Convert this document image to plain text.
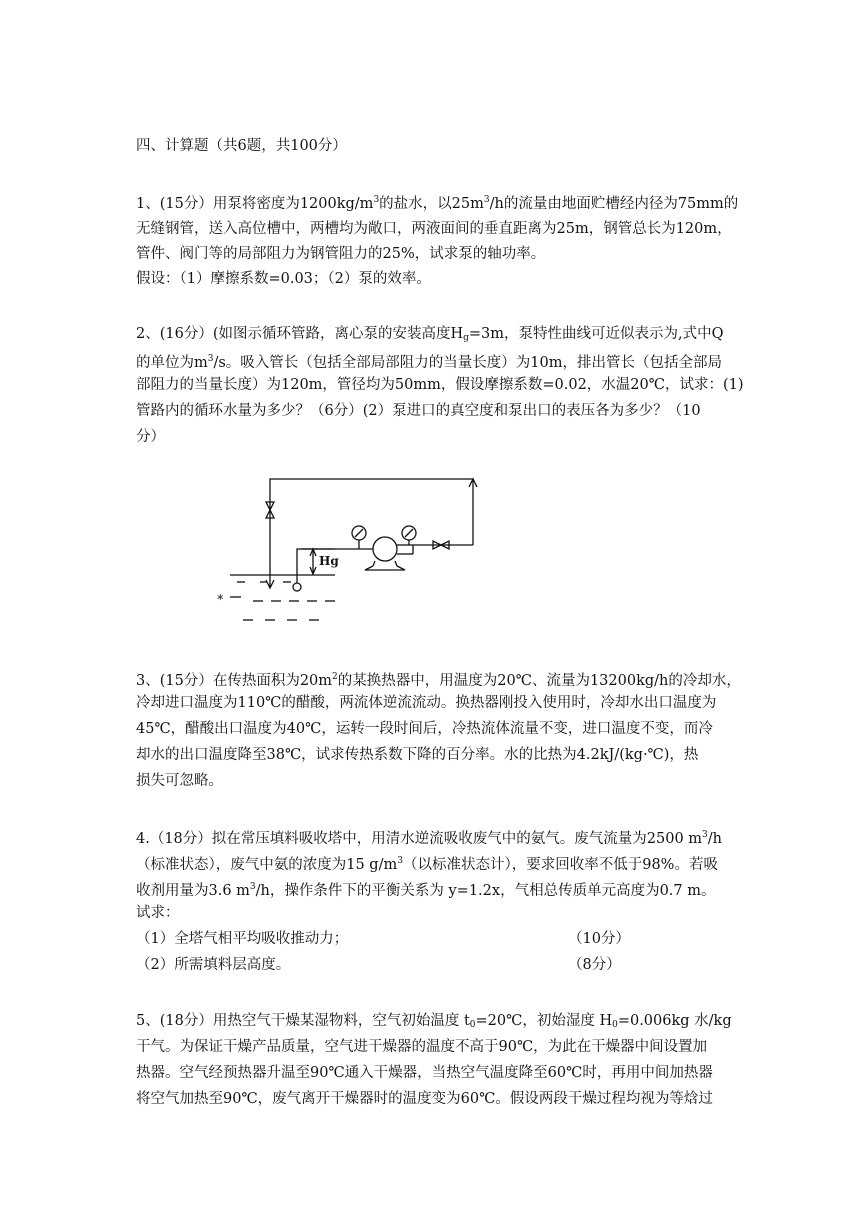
四、计算题（共6题，共100分）
1、(15分）用泵将密度为$1200kg/m^3$的盐水，以$25m^3/h$的流量由地面贮槽经内径为75mm的
无缝钢管，送入高位槽中，两槽均为敞口，两液面间的垂直距离为25m，钢管总长为120m，
管件、阀门等的局部阻力为钢管阻力的25%，试求泵的轴功率。
假设：（1）摩擦系数=0.03；（2）泵的效率。
2、(16分）(如图示循环管路，离心泵的安装高度$H_g=3m$，泵特性曲线可近似表示为,式中Q
的单位为$m^3/s$。吸入管长（包括全部局部阻力的当量长度）为10m，排出管长（包括全部局
部阻力的当量长度）为120m，管径均为50mm，假设摩擦系数=0.02，水温20℃，试求：(1)
管路内的循环水量为多少？（6分）(2）泵进口的真空度和泵出口的表压各为多少？（10
分）
Hg
*
3、(15分）在传热面积为$20m^2$的某换热器中，用温度为20℃、流量为13200kg/h的冷却水，
冷却进口温度为110℃的醋酸，两流体逆流流动。换热器刚投入使用时，冷却水出口温度为
45℃，醋酸出口温度为40℃，运转一段时间后，冷热流体流量不变，进口温度不变，而冷
却水的出口温度降至38℃，试求传热系数下降的百分率。水的比热为4.2kJ/(kg·℃)，热
损失可忽略。
4.（18分）拟在常压填料吸收塔中，用清水逆流吸收废气中的氨气。废气流量为2500 $m^3/h$
（标准状态），废气中氨的浓度为15 $g/m^3$（以标准状态计），要求回收率不低于98%。若吸
收剂用量为3.6 $m^3/h$，操作条件下的平衡关系为 y=1.2x，气相总传质单元高度为0.7 m。
试求：
（1）全塔气相平均吸收推动力；	（10分）
（2）所需填料层高度。	（8分）
5、(18分）用热空气干燥某湿物料，空气初始温度 $t_0=20℃$，初始湿度 $H_0=0.006kg$ 水/kg
干气。为保证干燥产品质量，空气进干燥器的温度不高于90℃，为此在干燥器中间设置加
热器。空气经预热器升温至90℃通入干燥器，当热空气温度降至60℃时，再用中间加热器
将空气加热至90℃，废气离开干燥器时的温度变为60℃。假设两段干燥过程均视为等焓过
